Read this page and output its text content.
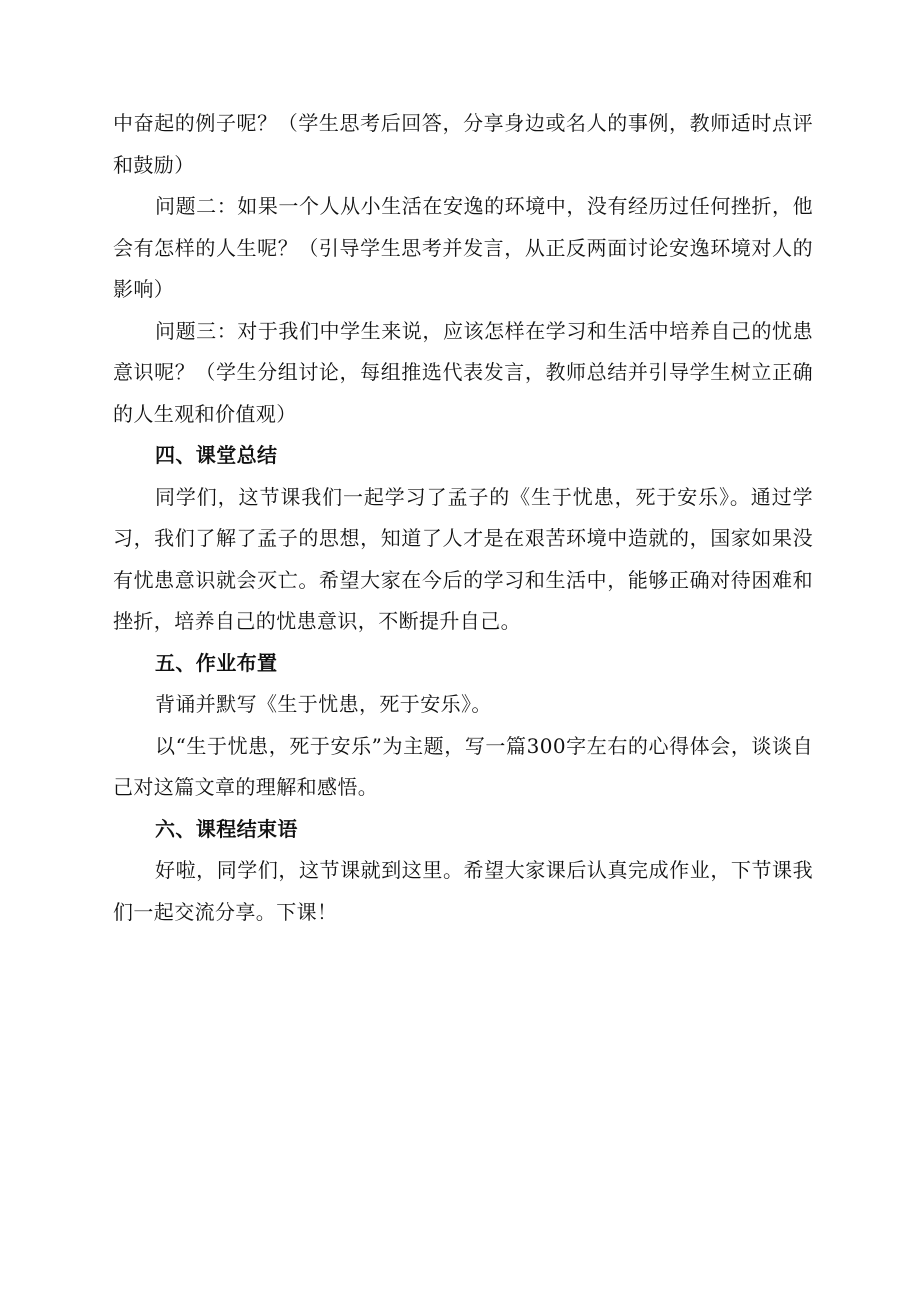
中奋起的例子呢？（学生思考后回答，分享身边或名人的事例，教师适时点评和鼓励）

问题二：如果一个人从小生活在安逸的环境中，没有经历过任何挫折，他会有怎样的人生呢？（引导学生思考并发言，从正反两面讨论安逸环境对人的影响）

问题三：对于我们中学生来说，应该怎样在学习和生活中培养自己的忧患意识呢？（学生分组讨论，每组推选代表发言，教师总结并引导学生树立正确的人生观和价值观）

四、课堂总结

同学们，这节课我们一起学习了孟子的《生于忧患，死于安乐》。通过学习，我们了解了孟子的思想，知道了人才是在艰苦环境中造就的，国家如果没有忧患意识就会灭亡。希望大家在今后的学习和生活中，能够正确对待困难和挫折，培养自己的忧患意识，不断提升自己。

五、作业布置

背诵并默写《生于忧患，死于安乐》。

以“生于忧患，死于安乐”为主题，写一篇300字左右的心得体会，谈谈自己对这篇文章的理解和感悟。

六、课程结束语

好啦，同学们，这节课就到这里。希望大家课后认真完成作业，下节课我们一起交流分享。下课！
